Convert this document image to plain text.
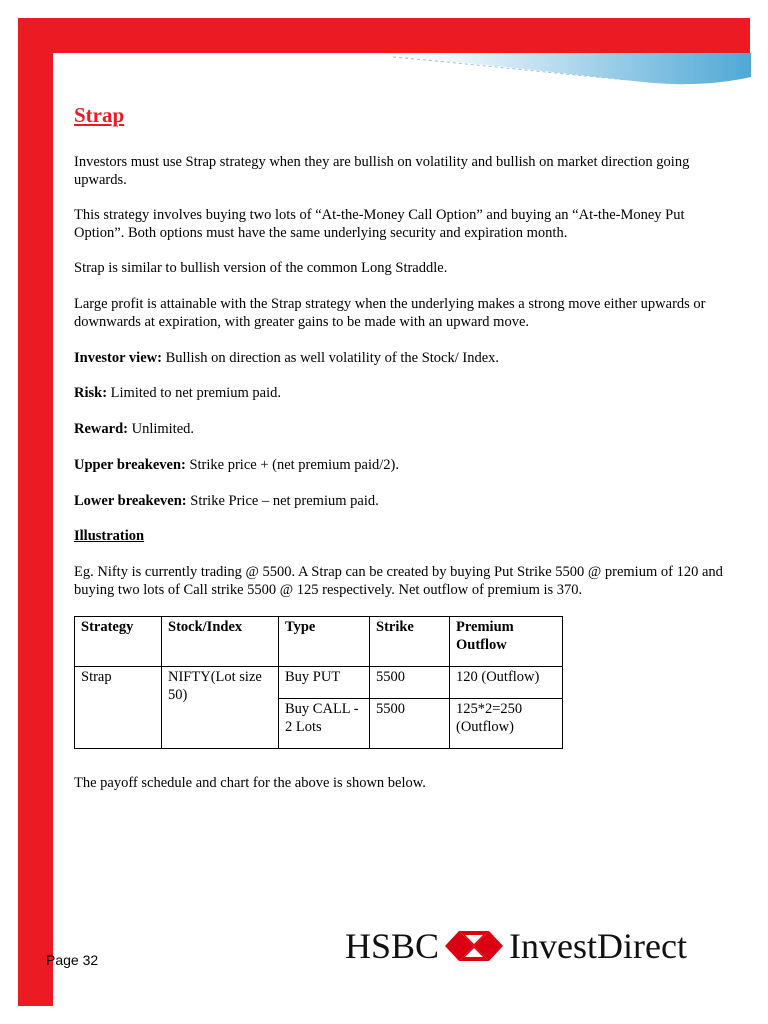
Strap

Investors must use Strap strategy when they are bullish on volatility and bullish on market direction going upwards.

This strategy involves buying two lots of “At-the-Money Call Option” and buying an “At-the-Money Put Option”. Both options must have the same underlying security and expiration month.

Strap is similar to bullish version of the common Long Straddle.

Large profit is attainable with the Strap strategy when the underlying makes a strong move either upwards or downwards at expiration, with greater gains to be made with an upward move.

Investor view: Bullish on direction as well volatility of the Stock/ Index.

Risk: Limited to net premium paid.

Reward: Unlimited.

Upper breakeven: Strike price + (net premium paid/2).

Lower breakeven: Strike Price – net premium paid.

Illustration

Eg. Nifty is currently trading @ 5500. A Strap can be created by buying Put Strike 5500 @ premium of 120 and buying two lots of Call strike 5500 @ 125 respectively. Net outflow of premium is 370.

Strategy	Stock/Index	Type	Strike	Premium Outflow
Strap	NIFTY(Lot size 50)	Buy PUT	5500	120 (Outflow)
		Buy CALL - 2 Lots	5500	125*2=250 (Outflow)

The payoff schedule and chart for the above is shown below.

Page 32	HSBC InvestDirect
